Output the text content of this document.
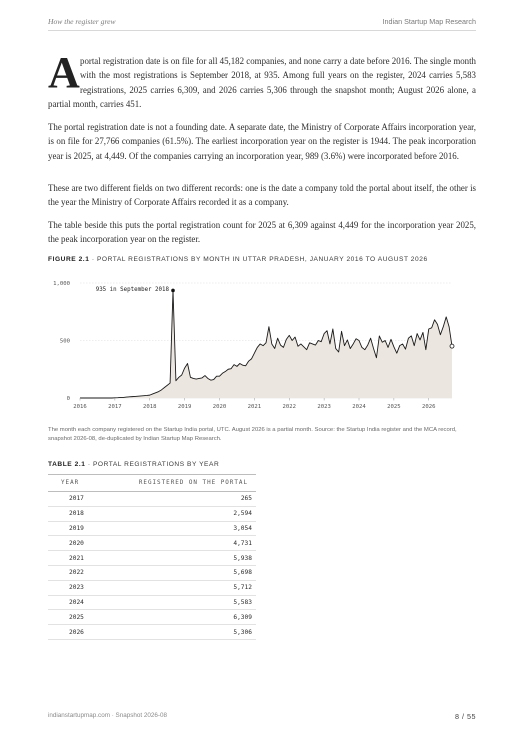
How the register grew	Indian Startup Map Research
Aportal registration date is on file for all 45,182 companies, and none carry a date before 2016. The single month with the most registrations is September 2018, at 935. Among full years on the register, 2024 carries 5,583 registrations, 2025 carries 6,309, and 2026 carries 5,306 through the snapshot month; August 2026 alone, a partial month, carries 451.
The portal registration date is not a founding date. A separate date, the Ministry of Corporate Affairs incorporation year, is on file for 27,766 companies (61.5%). The earliest incorporation year on the register is 1944. The peak incorporation year is 2025, at 4,449. Of the companies carrying an incorporation year, 989 (3.6%) were incorporated before 2016.
These are two different fields on two different records: one is the date a company told the portal about itself, the other is the year the Ministry of Corporate Affairs recorded it as a company.
The table beside this puts the portal registration count for 2025 at 6,309 against 4,449 for the incorporation year 2025, the peak incorporation year on the register.
FIGURE 2.1 · PORTAL REGISTRATIONS BY MONTH IN UTTAR PRADESH, JANUARY 2016 TO AUGUST 2026
0
500
1,000
2016	2017	2018	2019	2020	2021	2022	2023	2024	2025	2026
935 in September 2018
The month each company registered on the Startup India portal, UTC. August 2026 is a partial month. Source: the Startup India register and the MCA record, snapshot 2026-08, de-duplicated by Indian Startup Map Research.
TABLE 2.1 · PORTAL REGISTRATIONS BY YEAR
YEAR	REGISTERED ON THE PORTAL
2017	265
2018	2,594
2019	3,054
2020	4,731
2021	5,938
2022	5,698
2023	5,712
2024	5,583
2025	6,309
2026	5,306
indianstartupmap.com · Snapshot 2026-08	8 / 55
